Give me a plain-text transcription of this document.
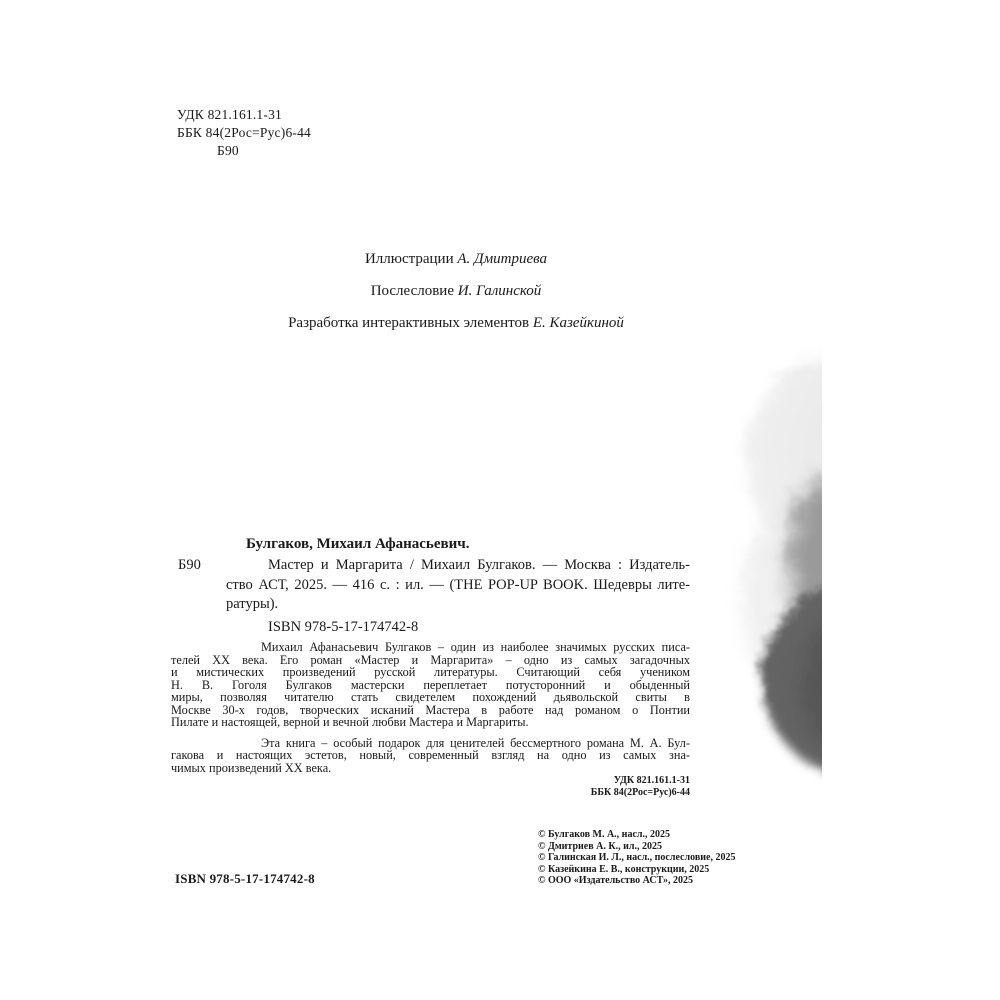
УДК 821.161.1-31
ББК 84(2Рос=Рус)6-44
Б90
Иллюстрации А. Дмитриева
Послесловие И. Галинской
Разработка интерактивных элементов Е. Казейкиной
Булгаков, Михаил Афанасьевич.
Б90	Мастер и Маргарита / Михаил Булгаков. — Москва : Издатель-
ство АСТ, 2025. — 416 с. : ил. — (THE POP-UP BOOK. Шедевры лите-
ратуры).
ISBN 978-5-17-174742-8
Михаил Афанасьевич Булгаков – один из наиболее значимых русских писа-
телей XX века. Его роман «Мастер и Маргарита» – одно из самых загадочных
и мистических произведений русской литературы. Считающий себя учеником
Н. В. Гоголя Булгаков мастерски переплетает потусторонний и обыденный
миры, позволяя читателю стать свидетелем похождений дьявольской свиты в
Москве 30-х годов, творческих исканий Мастера в работе над романом о Понтии
Пилате и настоящей, верной и вечной любви Мастера и Маргариты.
Эта книга – особый подарок для ценителей бессмертного романа М. А. Бул-
гакова и настоящих эстетов, новый, современный взгляд на одно из самых зна-
чимых произведений XX века.
УДК 821.161.1-31
ББК 84(2Рос=Рус)6-44
© Булгаков М. А., насл., 2025
© Дмитриев А. К., ил., 2025
© Галинская И. Л., насл., послесловие, 2025
© Казейкина Е. В., конструкции, 2025
© ООО «Издательство АСТ», 2025
ISBN 978-5-17-174742-8
